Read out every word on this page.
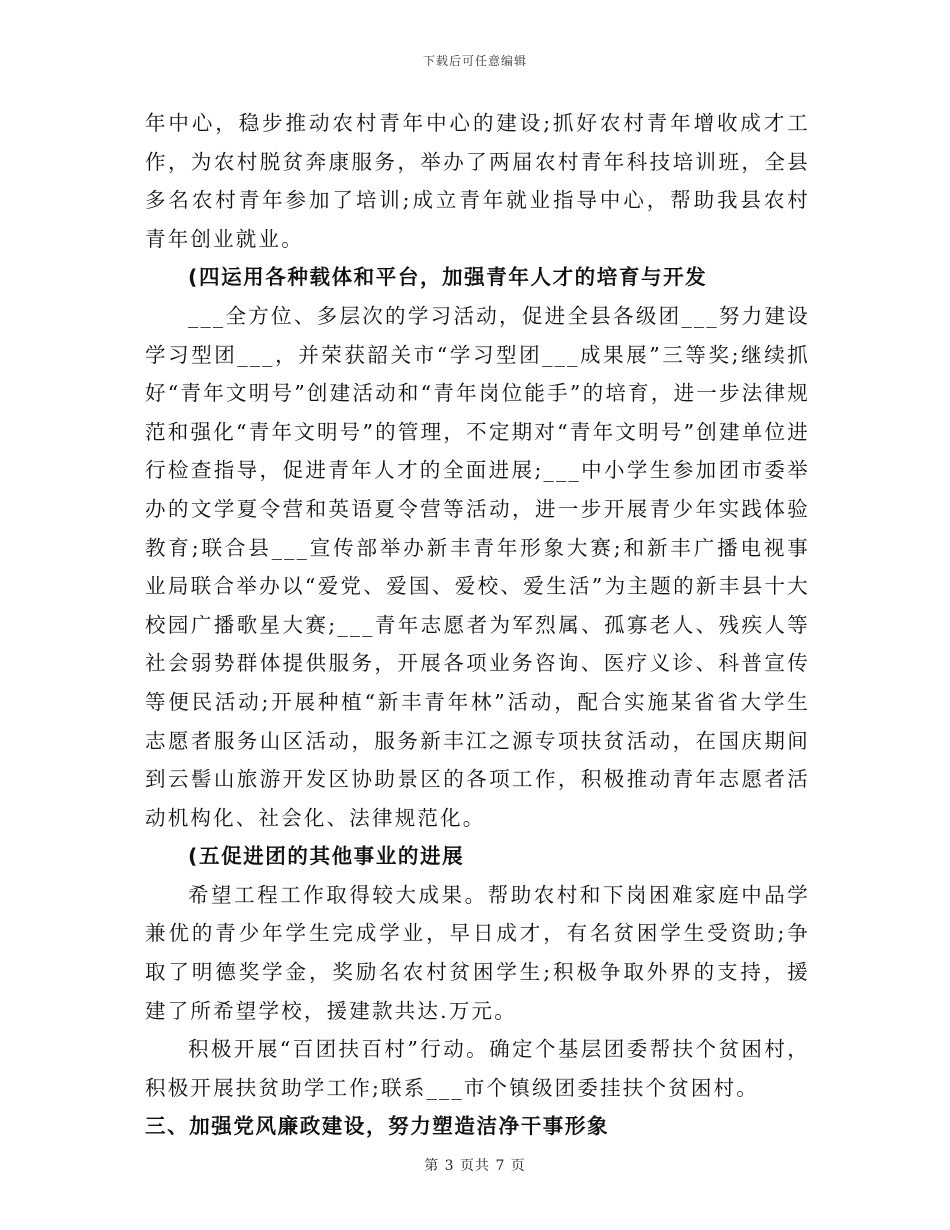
下载后可任意编辑

年中心，稳步推动农村青年中心的建设;抓好农村青年增收成才工作，为农村脱贫奔康服务，举办了两届农村青年科技培训班，全县多名农村青年参加了培训;成立青年就业指导中心，帮助我县农村青年创业就业。

(四运用各种载体和平台，加强青年人才的培育与开发

___全方位、多层次的学习活动，促进全县各级团___努力建设学习型团___，并荣获韶关市“学习型团___成果展”三等奖;继续抓好“青年文明号”创建活动和“青年岗位能手”的培育，进一步法律规范和强化“青年文明号”的管理，不定期对“青年文明号”创建单位进行检查指导，促进青年人才的全面进展;___中小学生参加团市委举办的文学夏令营和英语夏令营等活动，进一步开展青少年实践体验教育;联合县___宣传部举办新丰青年形象大赛;和新丰广播电视事业局联合举办以“爱党、爱国、爱校、爱生活”为主题的新丰县十大校园广播歌星大赛;___青年志愿者为军烈属、孤寡老人、残疾人等社会弱势群体提供服务，开展各项业务咨询、医疗义诊、科普宣传等便民活动;开展种植“新丰青年林”活动，配合实施某省省大学生志愿者服务山区活动，服务新丰江之源专项扶贫活动，在国庆期间到云髻山旅游开发区协助景区的各项工作，积极推动青年志愿者活动机构化、社会化、法律规范化。

(五促进团的其他事业的进展

希望工程工作取得较大成果。帮助农村和下岗困难家庭中品学兼优的青少年学生完成学业，早日成才，有名贫困学生受资助;争取了明德奖学金，奖励名农村贫困学生;积极争取外界的支持，援建了所希望学校，援建款共达.万元。

积极开展“百团扶百村”行动。确定个基层团委帮扶个贫困村，积极开展扶贫助学工作;联系___市个镇级团委挂扶个贫困村。

三、加强党风廉政建设，努力塑造洁净干事形象

第 3 页共 7 页
